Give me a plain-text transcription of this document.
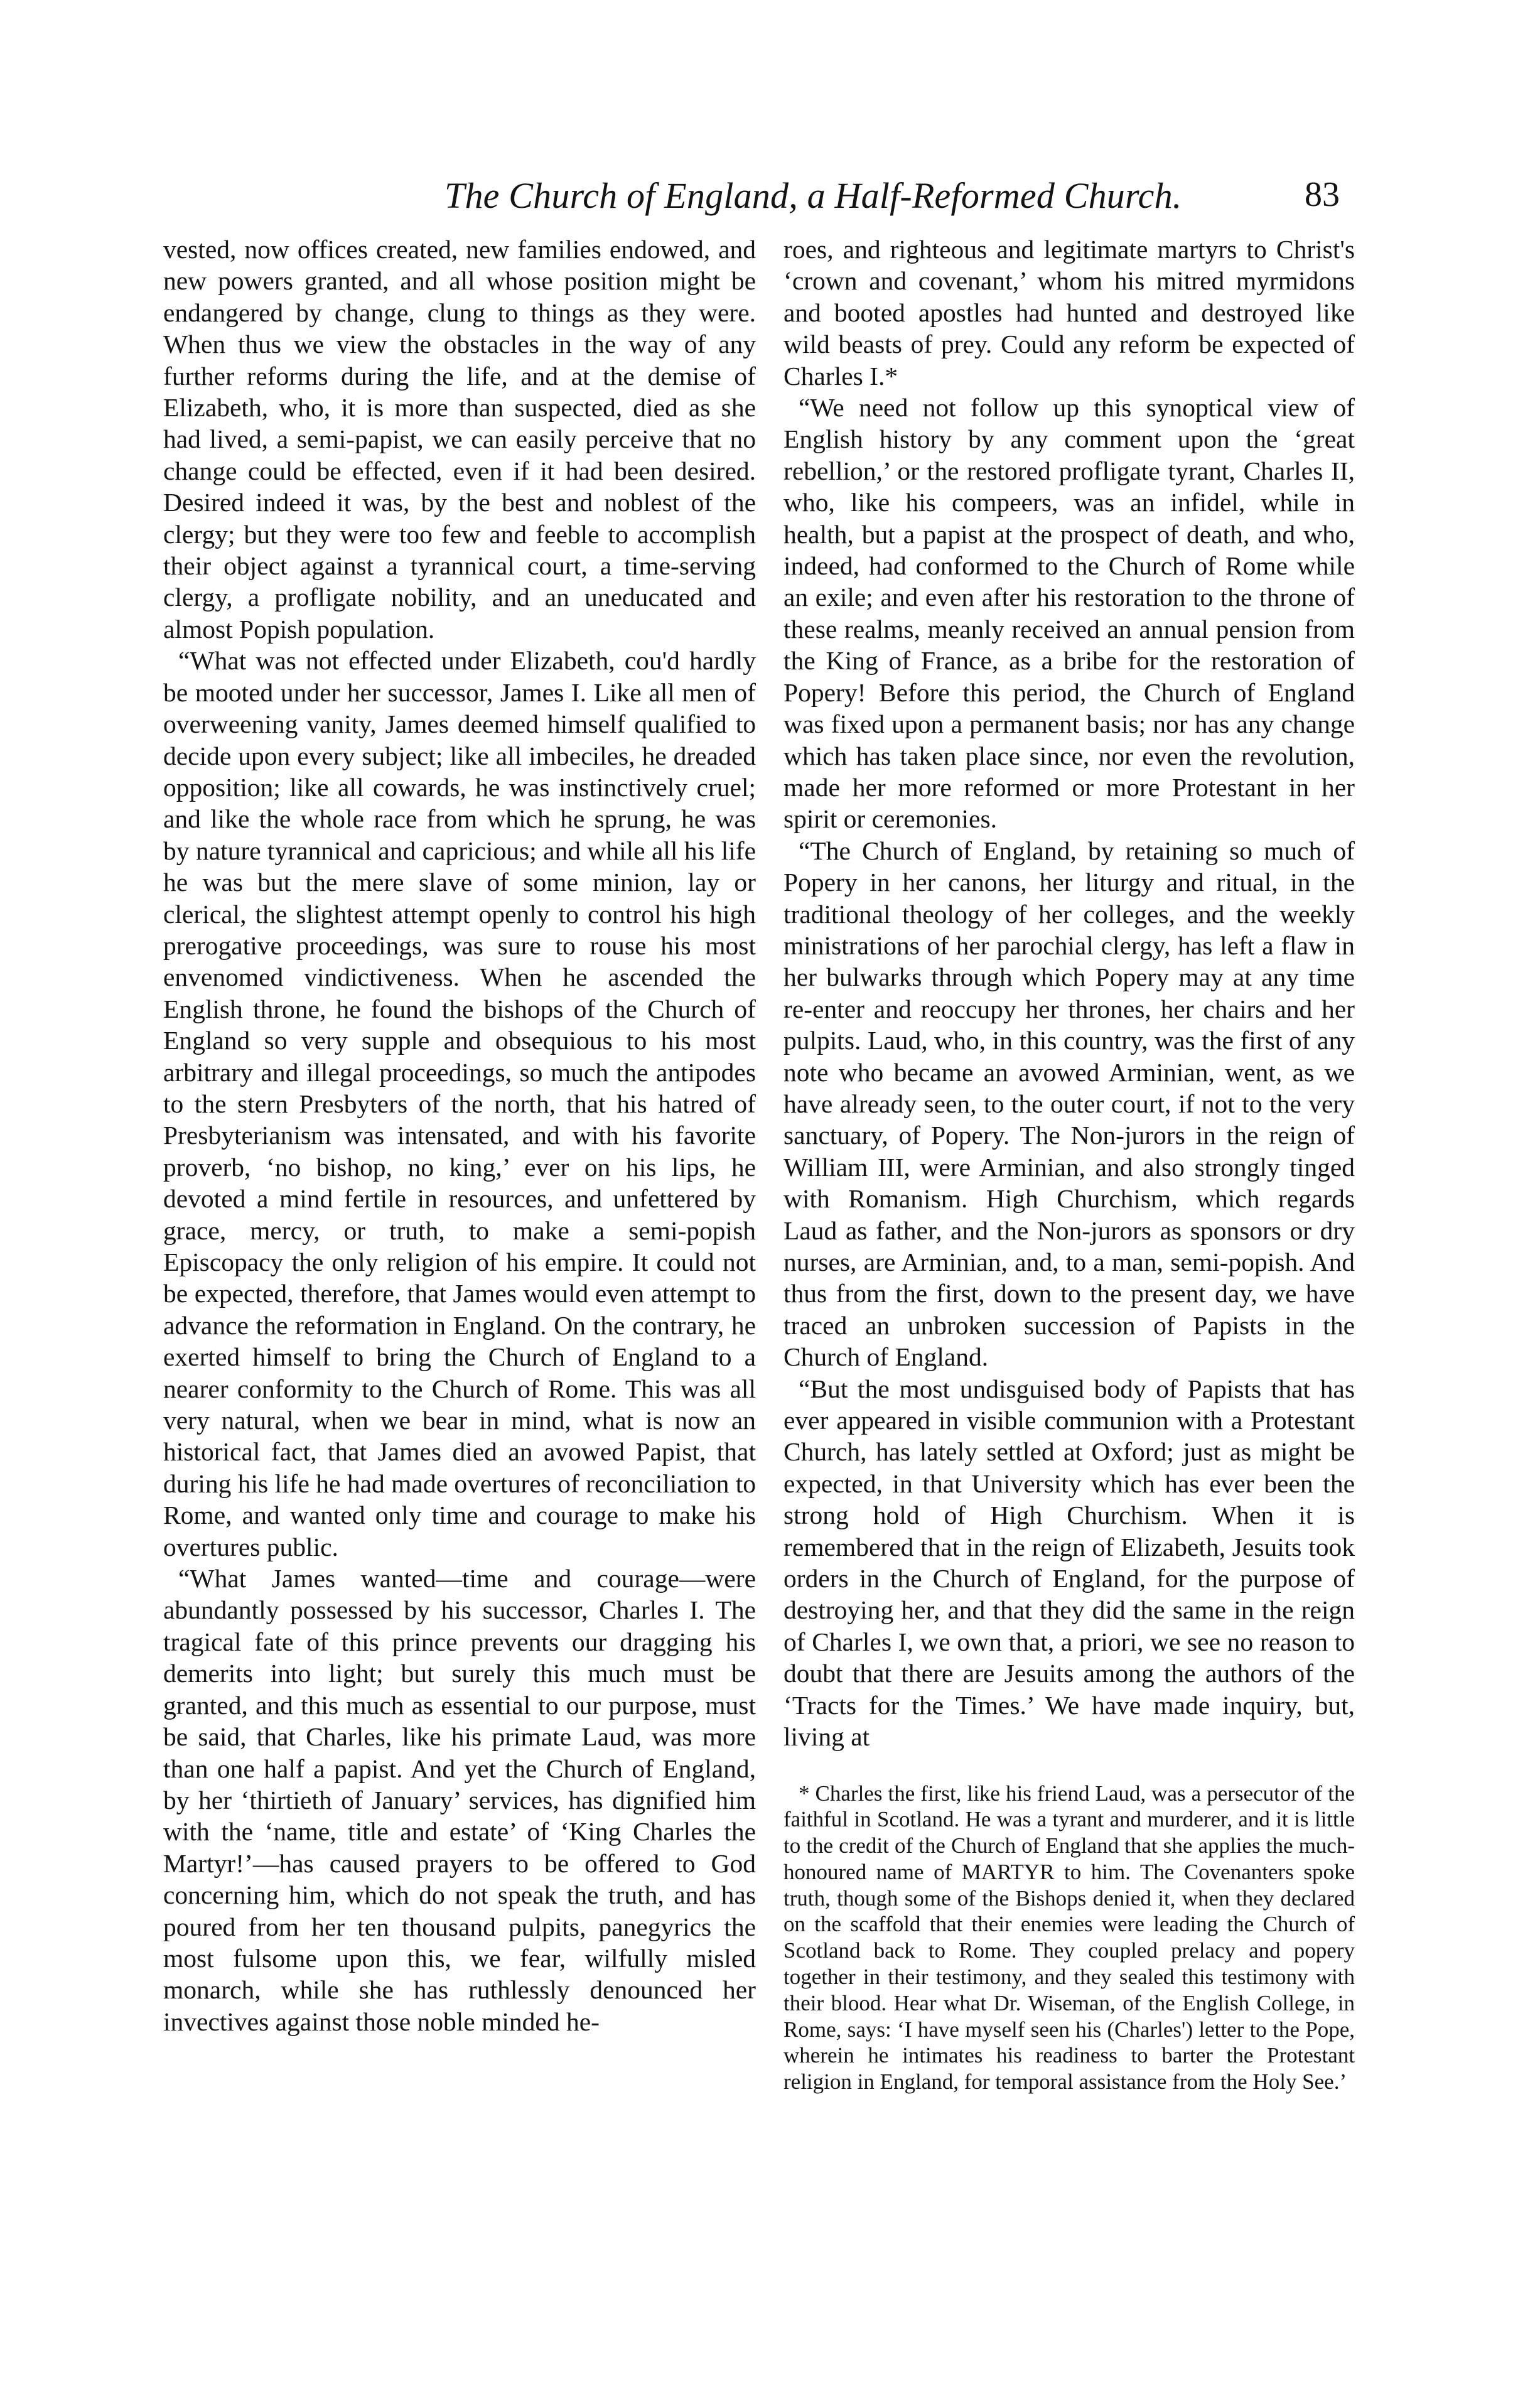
The Church of England, a Half-Reformed Church.	83

vested, now offices created, new families endowed, and new powers granted, and all whose position might be endangered by change, clung to things as they were. When thus we view the obstacles in the way of any further reforms during the life, and at the demise of Elizabeth, who, it is more than suspected, died as she had lived, a semi-papist, we can easily perceive that no change could be effected, even if it had been desired. Desired indeed it was, by the best and noblest of the clergy; but they were too few and feeble to accomplish their object against a tyrannical court, a time-serving clergy, a profligate nobility, and an uneducated and almost Popish population.

“What was not effected under Elizabeth, cou'd hardly be mooted under her successor, James I. Like all men of overweening vanity, James deemed himself qualified to decide upon every subject; like all imbeciles, he dreaded opposition; like all cowards, he was instinctively cruel; and like the whole race from which he sprung, he was by nature tyrannical and capricious; and while all his life he was but the mere slave of some minion, lay or clerical, the slightest attempt openly to control his high prerogative proceedings, was sure to rouse his most envenomed vindictiveness. When he ascended the English throne, he found the bishops of the Church of England so very supple and obsequious to his most arbitrary and illegal proceedings, so much the antipodes to the stern Presbyters of the north, that his hatred of Presbyterianism was intensated, and with his favorite proverb, ‘no bishop, no king,’ ever on his lips, he devoted a mind fertile in resources, and unfettered by grace, mercy, or truth, to make a semi-popish Episcopacy the only religion of his empire. It could not be expected, therefore, that James would even attempt to advance the reformation in England. On the contrary, he exerted himself to bring the Church of England to a nearer conformity to the Church of Rome. This was all very natural, when we bear in mind, what is now an historical fact, that James died an avowed Papist, that during his life he had made overtures of reconciliation to Rome, and wanted only time and courage to make his overtures public.

“What James wanted—time and courage—were abundantly possessed by his successor, Charles I. The tragical fate of this prince prevents our dragging his demerits into light; but surely this much must be granted, and this much as essential to our purpose, must be said, that Charles, like his primate Laud, was more than one half a papist. And yet the Church of England, by her ‘thirtieth of January’ services, has dignified him with the ‘name, title and estate’ of ‘King Charles the Martyr!’—has caused prayers to be offered to God concerning him, which do not speak the truth, and has poured from her ten thousand pulpits, panegyrics the most fulsome upon this, we fear, wilfully misled monarch, while she has ruthlessly denounced her invectives against those noble minded he-

roes, and righteous and legitimate martyrs to Christ's ‘crown and covenant,’ whom his mitred myrmidons and booted apostles had hunted and destroyed like wild beasts of prey. Could any reform be expected of Charles I.*

“We need not follow up this synoptical view of English history by any comment upon the ‘great rebellion,’ or the restored profligate tyrant, Charles II, who, like his compeers, was an infidel, while in health, but a papist at the prospect of death, and who, indeed, had conformed to the Church of Rome while an exile; and even after his restoration to the throne of these realms, meanly received an annual pension from the King of France, as a bribe for the restoration of Popery! Before this period, the Church of England was fixed upon a permanent basis; nor has any change which has taken place since, nor even the revolution, made her more reformed or more Protestant in her spirit or ceremonies.

“The Church of England, by retaining so much of Popery in her canons, her liturgy and ritual, in the traditional theology of her colleges, and the weekly ministrations of her parochial clergy, has left a flaw in her bulwarks through which Popery may at any time re-enter and reoccupy her thrones, her chairs and her pulpits. Laud, who, in this country, was the first of any note who became an avowed Arminian, went, as we have already seen, to the outer court, if not to the very sanctuary, of Popery. The Non-jurors in the reign of William III, were Arminian, and also strongly tinged with Romanism. High Churchism, which regards Laud as father, and the Non-jurors as sponsors or dry nurses, are Arminian, and, to a man, semi-popish. And thus from the first, down to the present day, we have traced an unbroken succession of Papists in the Church of England.

“But the most undisguised body of Papists that has ever appeared in visible communion with a Protestant Church, has lately settled at Oxford; just as might be expected, in that University which has ever been the strong hold of High Churchism. When it is remembered that in the reign of Elizabeth, Jesuits took orders in the Church of England, for the purpose of destroying her, and that they did the same in the reign of Charles I, we own that, a priori, we see no reason to doubt that there are Jesuits among the authors of the ‘Tracts for the Times.’ We have made inquiry, but, living at

* Charles the first, like his friend Laud, was a persecutor of the faithful in Scotland. He was a tyrant and murderer, and it is little to the credit of the Church of England that she applies the much-honoured name of MARTYR to him. The Covenanters spoke truth, though some of the Bishops denied it, when they declared on the scaffold that their enemies were leading the Church of Scotland back to Rome. They coupled prelacy and popery together in their testimony, and they sealed this testimony with their blood. Hear what Dr. Wiseman, of the English College, in Rome, says: ‘I have myself seen his (Charles') letter to the Pope, wherein he intimates his readiness to barter the Protestant religion in England, for temporal assistance from the Holy See.’
